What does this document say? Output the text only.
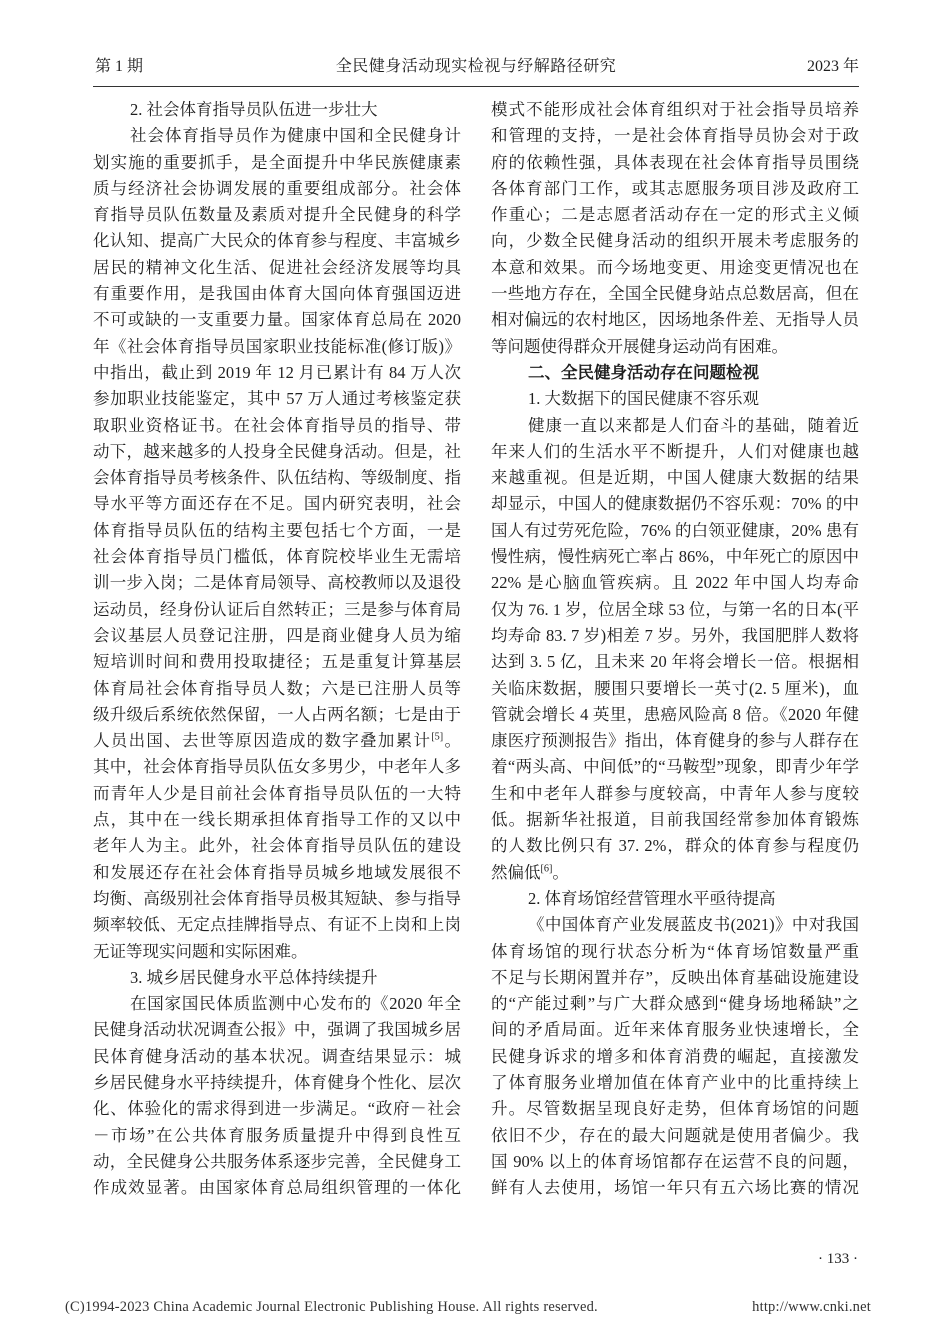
第 1 期	全民健身活动现实检视与纾解路径研究	2023 年
2. 社会体育指导员队伍进一步壮大
社会体育指导员作为健康中国和全民健身计
划实施的重要抓手，是全面提升中华民族健康素
质与经济社会协调发展的重要组成部分。社会体
育指导员队伍数量及素质对提升全民健身的科学
化认知、提高广大民众的体育参与程度、丰富城乡
居民的精神文化生活、促进社会经济发展等均具
有重要作用，是我国由体育大国向体育强国迈进
不可或缺的一支重要力量。国家体育总局在 2020
年《社会体育指导员国家职业技能标准(修订版)》
中指出，截止到 2019 年 12 月已累计有 84 万人次
参加职业技能鉴定，其中 57 万人通过考核鉴定获
取职业资格证书。在社会体育指导员的指导、带
动下，越来越多的人投身全民健身活动。但是，社
会体育指导员考核条件、队伍结构、等级制度、指
导水平等方面还存在不足。国内研究表明，社会
体育指导员队伍的结构主要包括七个方面，一是
社会体育指导员门槛低，体育院校毕业生无需培
训一步入岗；二是体育局领导、高校教师以及退役
运动员，经身份认证后自然转正；三是参与体育局
会议基层人员登记注册，四是商业健身人员为缩
短培训时间和费用投取捷径；五是重复计算基层
体育局社会体育指导员人数；六是已注册人员等
级升级后系统依然保留，一人占两名额；七是由于
人员出国、去世等原因造成的数字叠加累计[5]。
其中，社会体育指导员队伍女多男少，中老年人多
而青年人少是目前社会体育指导员队伍的一大特
点，其中在一线长期承担体育指导工作的又以中
老年人为主。此外，社会体育指导员队伍的建设
和发展还存在社会体育指导员城乡地域发展很不
均衡、高级别社会体育指导员极其短缺、参与指导
频率较低、无定点挂牌指导点、有证不上岗和上岗
无证等现实问题和实际困难。
3. 城乡居民健身水平总体持续提升
在国家国民体质监测中心发布的《2020 年全
民健身活动状况调查公报》中，强调了我国城乡居
民体育健身活动的基本状况。调查结果显示：城
乡居民健身水平持续提升，体育健身个性化、层次
化、体验化的需求得到进一步满足。“政府－社会
－市场”在公共体育服务质量提升中得到良性互
动，全民健身公共服务体系逐步完善，全民健身工
作成效显著。由国家体育总局组织管理的一体化
模式不能形成社会体育组织对于社会指导员培养
和管理的支持，一是社会体育指导员协会对于政
府的依赖性强，具体表现在社会体育指导员围绕
各体育部门工作，或其志愿服务项目涉及政府工
作重心；二是志愿者活动存在一定的形式主义倾
向，少数全民健身活动的组织开展未考虑服务的
本意和效果。而今场地变更、用途变更情况也在
一些地方存在，全国全民健身站点总数居高，但在
相对偏远的农村地区，因场地条件差、无指导人员
等问题使得群众开展健身运动尚有困难。
二、全民健身活动存在问题检视
1. 大数据下的国民健康不容乐观
健康一直以来都是人们奋斗的基础，随着近
年来人们的生活水平不断提升，人们对健康也越
来越重视。但是近期，中国人健康大数据的结果
却显示，中国人的健康数据仍不容乐观：70% 的中
国人有过劳死危险，76% 的白领亚健康，20% 患有
慢性病，慢性病死亡率占 86%，中年死亡的原因中
22% 是心脑血管疾病。且 2022 年中国人均寿命
仅为 76. 1 岁，位居全球 53 位，与第一名的日本(平
均寿命 83. 7 岁)相差 7 岁。另外，我国肥胖人数将
达到 3. 5 亿，且未来 20 年将会增长一倍。根据相
关临床数据，腰围只要增长一英寸(2. 5 厘米)，血
管就会增长 4 英里，患癌风险高 8 倍。《2020 年健
康医疗预测报告》指出，体育健身的参与人群存在
着“两头高、中间低”的“马鞍型”现象，即青少年学
生和中老年人群参与度较高，中青年人参与度较
低。据新华社报道，目前我国经常参加体育锻炼
的人数比例只有 37. 2%，群众的体育参与程度仍
然偏低[6]。
2. 体育场馆经营管理水平亟待提高
《中国体育产业发展蓝皮书(2021)》中对我国
体育场馆的现行状态分析为“体育场馆数量严重
不足与长期闲置并存”，反映出体育基础设施建设
的“产能过剩”与广大群众感到“健身场地稀缺”之
间的矛盾局面。近年来体育服务业快速增长，全
民健身诉求的增多和体育消费的崛起，直接激发
了体育服务业增加值在体育产业中的比重持续上
升。尽管数据呈现良好走势，但体育场馆的问题
依旧不少，存在的最大问题就是使用者偏少。我
国 90% 以上的体育场馆都存在运营不良的问题，
鲜有人去使用，场馆一年只有五六场比赛的情况
· 133 ·
(C)1994-2023 China Academic Journal Electronic Publishing House. All rights reserved.	http://www.cnki.net
